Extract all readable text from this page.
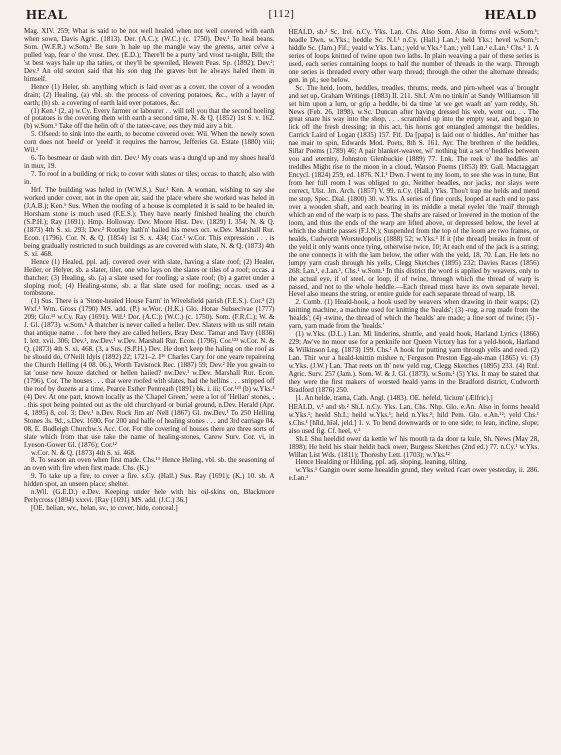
HEAL	[112]	HEALD

Mag. XIV. 259; What is said to be not well healed when not well covered with earth when sown, Davis Agric. (1813). Der. (A.C.); (W.C.) (c. 1750). Dev.¹ To heal beans. Som. (W.F.R.) w.Som.¹ Be sure 'n hale up the mangle way the greens, arter ce've a pulled 'eap, fear o' the vrost. Dev. (E.D.); There'll be a purty 'ard vrost ta-night, Bill; the 'st best ways hale up tha taties, or they'll be spwoiled, Hewett Peas. Sp. (1892); Dev.²; Dev.³ An old sexton said that his son dug the graves but he always haled them in himself.

Hence (1) Heler, sb. anything which is laid over as a cover, the cover of a wooden drain; (2) Healing, (a) vbl. sb. the process of covering potatoes, &c., with a layer of earth; (b) sb. a covering of earth laid over potatoes, &c.

(1) Ken.¹ (2, a) w.Cy. Every farmer or labourer . . will tell you that the second hoeling of potatoes is the covering them with earth a second time, N. & Q. (1852) 1st S. v. 162. (b) w.Som.¹ Take off the helin oft o' the tatee-cave, ees they mid airy a bit.

5. Ofseed: to sink into the earth, to become covered over. Wil. When the newly sown corn does not 'heeld' or 'yeeld' it requires the harrow, Jefferies Gt. Estate (1880) viii; Wil.¹

6. To besmear or daub with dirt. Dev.¹ My coats was a dung'd up and my shoes heal'd in mux, 19.

7. To roof in a building or rick; to cover with slates or tiles; occas. to thatch; also with in.

Hrf. The building was heled in (W.W.S.). Sur.¹ Ken. A woman, wishing to say she worked under cover, not in the open air, said the place where she worked was heled in (J.A.B.); Ken.¹ Sus. When the roofing of a house is completed it is said to be healed in. Horsham stone is much used (F.E.S.); They have nearly finished healing the church (S.P.H.); Ray (1691). Hmp. Holloway. Dev. Moore Hist. Dev. (1829) I. 354; N. & Q. (1873) 4th S. xi. 293; Dev.² Routley hath'n' hailed his mews oct. w.Dev. Marshall Rur. Econ. (1796). Cor. N. & Q. (1854) 1st S. x. 434; Cor.¹ w.Cor. This expression . . . is being gradually restricted to such buildings as are covered with slate, N. & Q. (1873) 4th S. xi. 468.

Hence (1) Healed, ppl. adj. covered over with slate, having a slate roof; (2) Healer, Heiler, or Helyer, sb. a slater, tiler, one who lays on the slates or tiles of a roof; occas. a thatcher; (3) Healing, sb. (a) a slate used for roofing; a slate roof; (b) a garret under a sloping roof; (4) Healing-stone, sb. a flat slate used for roofing; occas. used as a tombstone.

(1) Sus. There is a 'Stone-healed House Farm' in Wivelsfield parish (F.E.S.). Cor.² (2) Wxf.¹ Wm. Gross (1790) MS. add. (P.) w.Wor. (H.K.) Glo. Horae Subsecivae (1777) 209; Glo.¹² w.Cy. Ray (1691). Wil.¹ Dor. (A.C.); (W.C.) (c. 1750). Som. (F.R.C.); W. & J. Gl. (1873). w.Som.¹ A thatcher is never called a heller. Dev. Slaters with us still retain that antique name . . for here they are called hellers, Bray Desc. Tamar and Tavy (1836) I. lett. xvii. 306; Dev.¹, nw.Dev.¹ w.Dev. Marshall Rur. Econ. (1796). Cor.¹²³ w.Cor. N. & Q. (1873) 4th S. xi. 468. (3, a Sus. (S.P.H.) Dev. He don't keep the haling on the roof as he should do, O'Neill Idyls (1892) 22; 1721–2. I¹⁶ Charles Cary for one yeare repaireing the Church Helling (4 08. 06.), Worth Tavistock Rec. (1887) 59; Dev.² He you gwain to lat 'ouse new houze datched or hellen haiied? nw.Dev.¹ w.Dev. Marshall Rur. Econ. (1796). Cor. The houses . . . that were roofed with slates, had the hellins . . . stripped off the roof by dozens at a time, Pearce Esther Pentreath (1891) bk. i. iii; Cor.¹²³ (b) w.Yks.³ (4) Dev. At one part, known locally as the 'Chapel Green,' were a lot of 'Hellan' stones, . . this spot being pointed out as the old churchyard or burial ground, n.Dev. Herald (Apr. 4, 1895) 8, col. 3; Dev.¹ n.Dev. Rock Jim an' Nell (1867) Gl. nw.Dev.¹ To 250 Helling Stones 3s. 9d., s.Dev. 1690. For 200 and halfe of healing stones . . . and 3rd carriage 04. 08, E. Budleigh Churchw.'s Acc. Cor. For the covering of houses there are three sorts of slate which from that use take the name of healing-stones, Carew Surv. Cor. vi, in Lyeson-Gower Gl. (1876); Cor.¹²

w.Cor. N. & Q. (1873) 4th S. xi. 468.

8. To season an oven when first made. Chs.¹³ Hence Heling, vbl. sb. the seasoning of an oven with fire when first made. Chs. (K.)

9. To take up a fire, to cover a fire. s.Cy. (Hall.) Sus. Ray (1691); (K.) 10. sb. A hidden spot, an unseen place; shelter.

n.Wil. (G.E.D.) e.Dev. Keeping under hele with his oil-skins on, Blackmore Perlycross (1894) xxxvi. [Ray (1691) MS. add. (J.C.) 36.]

[OE. helian, wv., helan, sv., to cover, hide, conceal.]

HEALD, sb.¹ Sc. Irel. n.Cy. Yks. Lan. Chs. Also Som. Also in forms evel w.Som.¹; headle Dwn. w.Yks.; heddle Sc. N.I.¹ n.Cy. (Hall.) Lan.¹; held Yks.; hevel w.Som.¹; hiddle Sc. (Jam.) Fif.; yeald w.Yks. Lan.; yeld w.Yks.² Lan.; yell Lan.¹ e.Lan.¹ Chs.¹ 1. A series of loops knitted of twine upon two laths. In plain weaving a pair of these series is used, each series containing loops to half the number of threads in the warp. Through one series is threaded every other warp thread; through the other the alternate threads; gen. in pl.; see below.

Sc. The heid, loom, heddles, treadles, thrums, reeds, and pirn-wheel was a' brought and set up, Graham Writings (1883) II. 211. Sh.I. A'm no tinkin' at Sandy Williamson 'ill set him upon a lum, or grip a heddle, bi da time 'at we get waaft an' yarn reddy, Sh. News (Feb. 26, 1898). w.Sc. Duncan after having dressed his web, went out. . . The great snare his way into the shop, . . . scrambled up into the empty seat, and began to lick off the fresh dressing; in this act, his horns got entangled amongst the heddles, Carrick Laird of Logan (1835) 157. Fif. Da [papa] is laid out o' hiddles, An' mither has nae mair to spin, Edwards Mod. Poets, 8th S. 161. Ayr. The brethren o' the heddles, Sillar Poems (1789) 46; A pair blanket-weaver, wi' nothing but a set o' heddles between you and eternity, Johnston Glenbuckie (1889) 77. Lnk. The reek o' the heddles an' treddles Might rise to the moon in a cloud, Watson Poems (1853) 89. Gall. Mactaggart Encycl. (1824) 259, ed. 1876. N.I.¹ Dwn. I went to my loom, to see she was in tune, But from her full room I was obliged to go, Neither beadles, nor jacks, nor slays were correct, Ulst. Jrn. Arch. (1857) V. 99. n.Cy. (Hall.) Yks. Thou't trap me helds and mend me stop, Spec. Dial. (1800) 30. w.Yks. A series of fine cords, looped at each end to pass over a wooden shaft, and each bearing in its middle a metal eyelet 'the 'mail' through which an end of the warp is to pass. The shafts are raised or lowered in the motion of the loom, and thus the ends of the warp are lifted above, or depressed below, the level at which the shuttle passes (F.J.N.); Suspended from the top of the loom are two frames, or healds, Cudworth Worstedopolis (1888) 52; w.Yks.³ If it [the thread] breaks in front of the yeld it only wants once tying, otherwise twice, 10; At each end of the jack is a string; the one connects it with the lam below, the other with the yeld, 18, 70. Lan. He lets no lumpy yarn crash through his yells, Clegg Sketches (1895) 232; Davies Races (1856) 268; Lan.¹, e.Lan.¹, Chs.¹ w.Som.¹ In this district the word is applied by weavers, only to the actual eye, if of steel, or loop, if of twine, through which the thread of warp is passed, and not to the whole heddle.—Each thread must have its own separate hevel. Hevel also means the string, or entire guide for each separate thread of warp, 18.

2. Comb. (1) Heald-hook, a hook used by weavers when drawing in their warps; (2) knitting machine, a machine used for knitting the 'healds'; (3) -rug, a rug made from the 'healds'; (4) -twine, the thread of which the 'healds' are made; a fine sort of twine; (5) -yarn, yarn made from the 'healds.'

(1) w.Yks. (D.L.) Lan. Mi linderins, shuttle, and yeald hook, Harland Lyrics (1866) 229; Aw've no moor use for a penknife nor Queen Victory has for a yeld-hook, Harland & Wilkinson Leg. (1873) 199. Chs.¹ A hook for putting yarn through yells and reed. (2) Lan. Thir wur a heald-knittin mishee n, Ferguson Preston Egg-ale-man (1865) vi. (3) w.Yks. (J.W.) Lan. That reets on th' new yeld rug, Clegg Sketches (1895) 233. (4) Rnf. Agric. Surv. 257 (Jam.). Som. W. & J. Gl. (1873). w.Som.¹ (5) Yks. It may be stated that they were the first makers of worsted heald yarns in the Bradford district, Cudworth Bradford (1876) 250.

[1. An helde, trama, Cath. Angl. (1483). OE. hefeld, 'licium' (Ælfric).]

HEALD, v.² and sb.² Sh.I. n.Cy. Yks. Lan. Chs. Nhp. Glo. e.An. Also in forms heeald w.Yks.¹; heeld Sh.I.; heild w.Yks.¹; held n.Yks.²; hild Pem. Glo. e.An.¹²; yeld Chs.¹ s.Chs.¹ [hīld, hīəl, jeld.] 1. v. To bend downwards or to one side; to lean, incline, slope; also used fig. Cf. heel, v.²

Sh.I. Shu heeldid ower da kettle wi' his mouth ta da door ta kule, Sh. News (May 28, 1898); He held his shair heldit back ower, Burgess Sketches (2nd ed.) 77. n.Cy.¹ w.Yks. Willan List Wds. (1811); Thoresby Lett. (1703); w.Yks.¹²

Hence Healding or Hilding, ppl. adj. sloping, leaning, tilting.

w.Yks.¹ Gangin ower some heealdin grund, they welted t'cart ower yesterday, ii. 286. e.Lan.¹
